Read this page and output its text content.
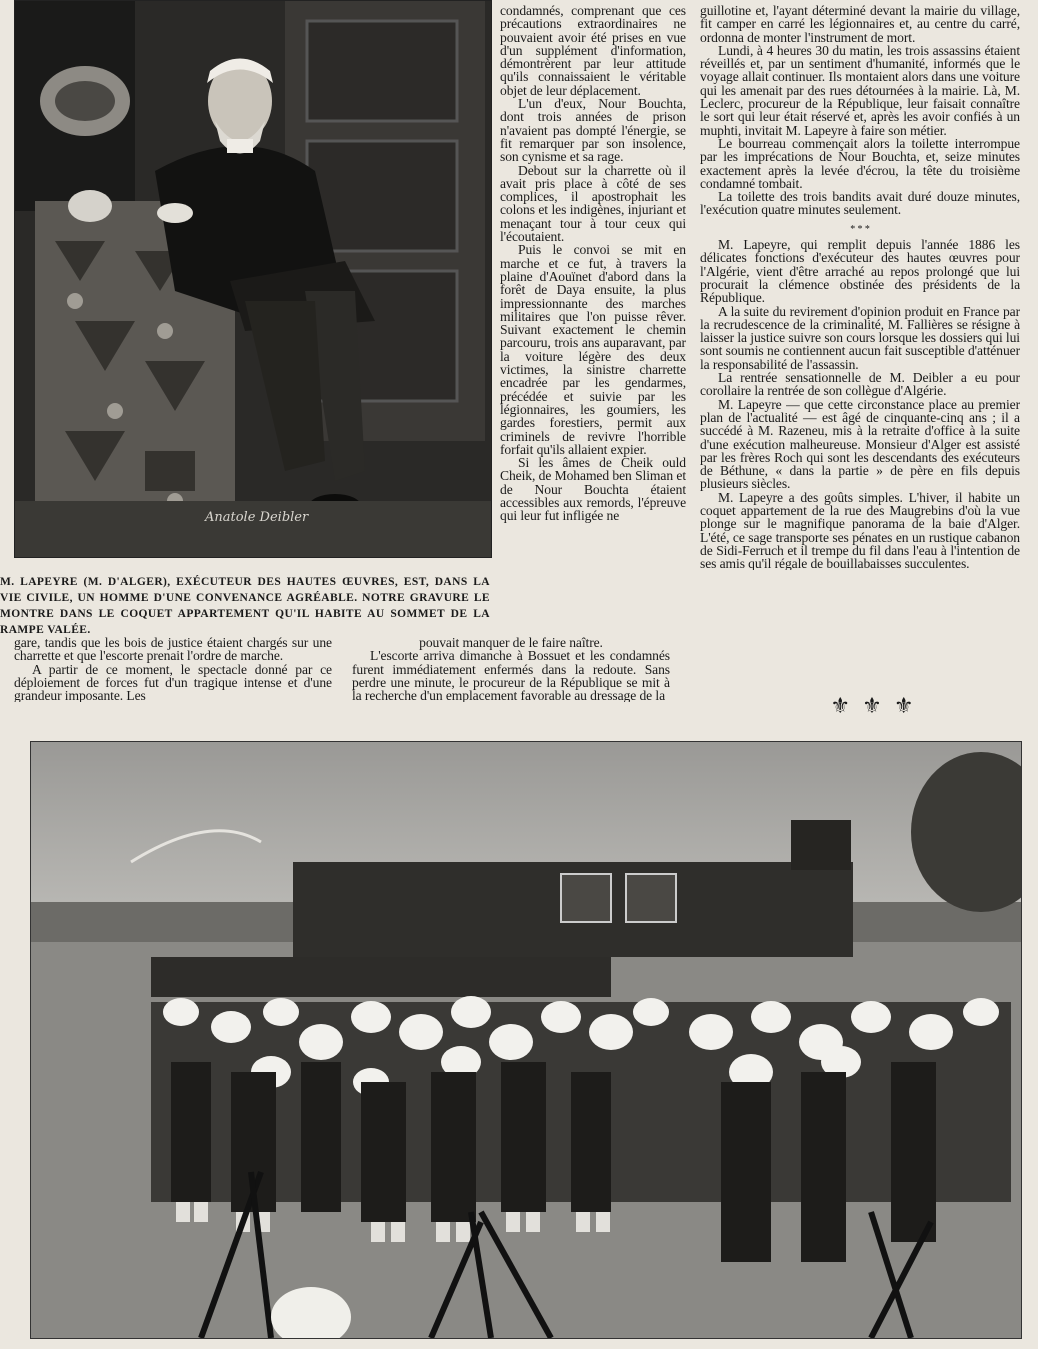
Anatole Deibler
M. LAPEYRE (M. D'ALGER), EXÉCUTEUR DES HAUTES ŒUVRES, EST, DANS LA VIE CIVILE, UN HOMME D'UNE CONVENANCE AGRÉABLE. NOTRE GRAVURE LE MONTRE DANS LE COQUET APPARTEMENT QU'IL HABITE AU SOMMET DE LA RAMPE VALÉE.

condamnés, comprenant que ces précautions extraordinaires ne pouvaient avoir été prises en vue d'un supplément d'information, démontrèrent par leur attitude qu'ils connaissaient le véritable objet de leur déplacement.

L'un d'eux, Nour Bouchta, dont trois années de prison n'avaient pas dompté l'énergie, se fit remarquer par son insolence, son cynisme et sa rage.

Debout sur la charrette où il avait pris place à côté de ses complices, il apostrophait les colons et les indigènes, injuriant et menaçant tour à tour ceux qui l'écoutaient.

Puis le convoi se mit en marche et ce fut, à travers la plaine d'Aouïnet d'abord dans la forêt de Daya ensuite, la plus impressionnante des marches militaires que l'on puisse rêver. Suivant exactement le chemin parcouru, trois ans auparavant, par la voiture légère des deux victimes, la sinistre charrette encadrée par les gendarmes, précédée et suivie par les légionnaires, les goumiers, les gardes forestiers, permit aux criminels de revivre l'horrible forfait qu'ils allaient expier.

Si les âmes de Cheik ould Cheik, de Mohamed ben Sliman et de Nour Bouchta étaient accessibles aux remords, l'épreuve qui leur fut infligée ne

guillotine et, l'ayant déterminé devant la mairie du village, fit camper en carré les légionnaires et, au centre du carré, ordonna de monter l'instrument de mort.

Lundi, à 4 heures 30 du matin, les trois assassins étaient réveillés et, par un sentiment d'humanité, informés que le voyage allait continuer. Ils montaient alors dans une voiture qui les amenait par des rues détournées à la mairie. Là, M. Leclerc, procureur de la République, leur faisait connaître le sort qui leur était réservé et, après les avoir confiés à un muphti, invitait M. Lapeyre à faire son métier.

Le bourreau commençait alors la toilette interrompue par les imprécations de Nour Bouchta, et, seize minutes exactement après la levée d'écrou, la tête du troisième condamné tombait.

La toilette des trois bandits avait duré douze minutes, l'exécution quatre minutes seulement.

* * *

M. Lapeyre, qui remplit depuis l'année 1886 les délicates fonctions d'exécuteur des hautes œuvres pour l'Algérie, vient d'être arraché au repos prolongé que lui procurait la clémence obstinée des présidents de la République.

A la suite du revirement d'opinion produit en France par la recrudescence de la criminalité, M. Fallières se résigne à laisser la justice suivre son cours lorsque les dossiers qui lui sont soumis ne contiennent aucun fait susceptible d'atténuer la responsabilité de l'assassin.

La rentrée sensationnelle de M. Deibler a eu pour corollaire la rentrée de son collègue d'Algérie.

M. Lapeyre — que cette circonstance place au premier plan de l'actualité — est âgé de cinquante-cinq ans ; il a succédé à M. Razeneu, mis à la retraite d'office à la suite d'une exécution malheureuse. Monsieur d'Alger est assisté par les frères Roch qui sont les descendants des exécuteurs de Béthune, « dans la partie » de père en fils depuis plusieurs siècles.

M. Lapeyre a des goûts simples. L'hiver, il habite un coquet appartement de la rue des Maugrebins d'où la vue plonge sur le magnifique panorama de la baie d'Alger. L'été, ce sage transporte ses pénates en un rustique cabanon de Sidi-Ferruch et il trempe du fil dans l'eau à l'intention de ses amis qu'il régale de bouillabaisses succulentes.

gare, tandis que les bois de justice étaient chargés sur une charrette et que l'escorte prenait l'ordre de marche.

A partir de ce moment, le spectacle donné par ce déploiement de forces fut d'un tragique intense et d'une grandeur imposante. Les

pouvait manquer de le faire naître.

L'escorte arriva dimanche à Bossuet et les condamnés furent immédiatement enfermés dans la redoute. Sans perdre une minute, le procureur de la République se mit à la recherche d'un emplacement favorable au dressage de la	⚜ ⚜ ⚜
